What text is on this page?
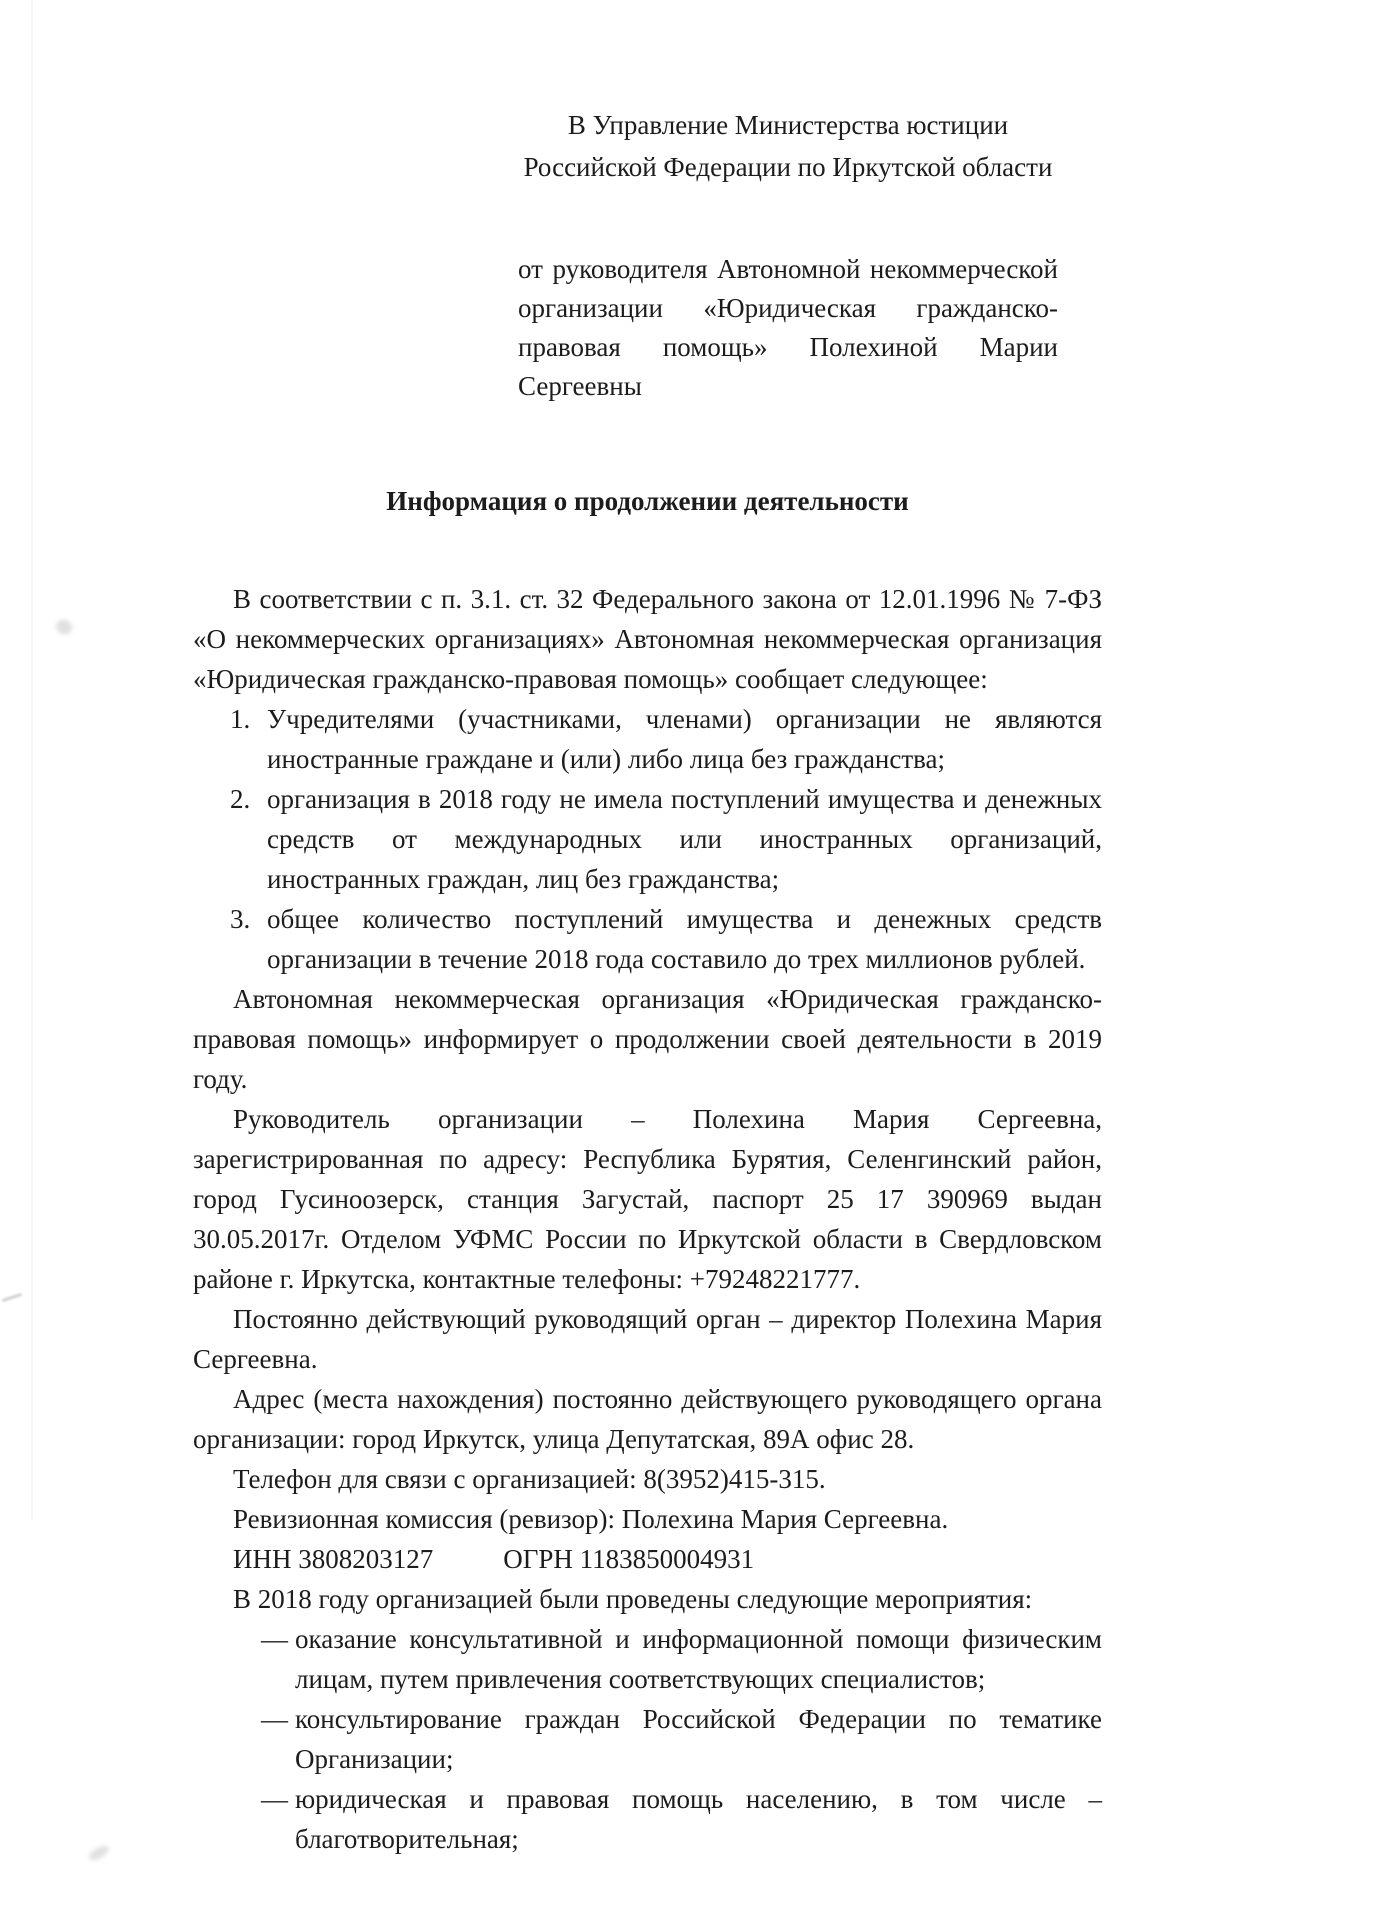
В Управление Министерства юстиции
Российской Федерации по Иркутской области
от руководителя Автономной некоммерческой организации «Юридическая гражданско-правовая помощь» Полехиной Марии Сергеевны
Информация о продолжении деятельности

В соответствии с п. 3.1. ст. 32 Федерального закона от 12.01.1996 № 7-ФЗ «О некоммерческих организациях» Автономная некоммерческая организация «Юридическая гражданско-правовая помощь» сообщает следующее:

1. Учредителями (участниками, членами) организации не являются иностранные граждане и (или) либо лица без гражданства;
2. организация в 2018 году не имела поступлений имущества и денежных средств от международных или иностранных организаций, иностранных граждан, лиц без гражданства;
3. общее количество поступлений имущества и денежных средств организации в течение 2018 года составило до трех миллионов рублей.

Автономная некоммерческая организация «Юридическая гражданско-правовая помощь» информирует о продолжении своей деятельности в 2019 году.

Руководитель организации – Полехина Мария Сергеевна, зарегистрированная по адресу: Республика Бурятия, Селенгинский район, город Гусиноозерск, станция Загустай, паспорт 25 17 390969 выдан 30.05.2017г. Отделом УФМС России по Иркутской области в Свердловском районе г. Иркутска, контактные телефоны: +79248221777.

Постоянно действующий руководящий орган – директор Полехина Мария Сергеевна.

Адрес (места нахождения) постоянно действующего руководящего органа организации: город Иркутск, улица Депутатская, 89А офис 28.

Телефон для связи с организацией: 8(3952)415-315.

Ревизионная комиссия (ревизор): Полехина Мария Сергеевна.

ИНН 3808203127	ОГРН 1183850004931

В 2018 году организацией были проведены следующие мероприятия:

— оказание консультативной и информационной помощи физическим лицам, путем привлечения соответствующих специалистов;
— консультирование граждан Российской Федерации по тематике Организации;
— юридическая и правовая помощь населению, в том числе – благотворительная;
